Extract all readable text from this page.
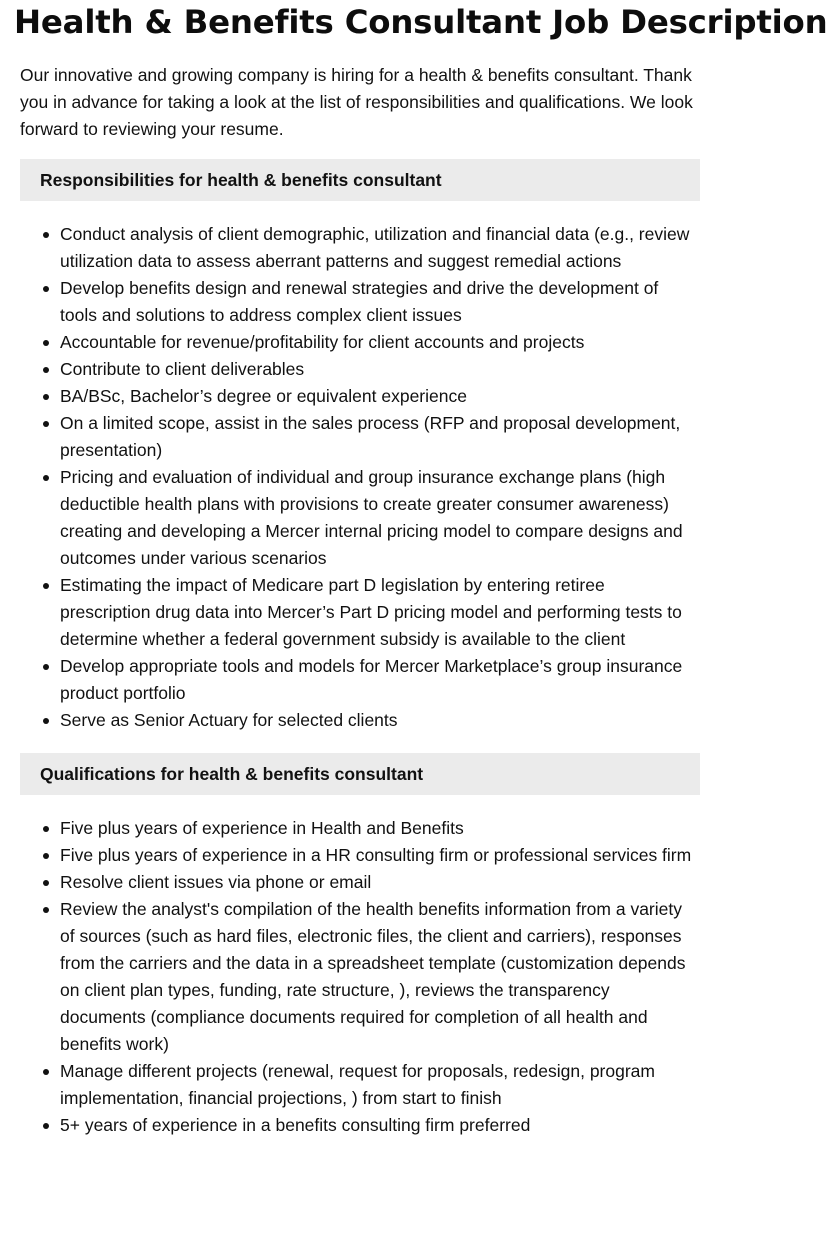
Health & Benefits Consultant Job Description

Our innovative and growing company is hiring for a health & benefits consultant. Thank you in advance for taking a look at the list of responsibilities and qualifications. We look forward to reviewing your resume.

Responsibilities for health & benefits consultant
Conduct analysis of client demographic, utilization and financial data (e.g., review utilization data to assess aberrant patterns and suggest remedial actions
Develop benefits design and renewal strategies and drive the development of tools and solutions to address complex client issues
Accountable for revenue/profitability for client accounts and projects
Contribute to client deliverables
BA/BSc, Bachelor’s degree or equivalent experience
On a limited scope, assist in the sales process (RFP and proposal development, presentation)
Pricing and evaluation of individual and group insurance exchange plans (high deductible health plans with provisions to create greater consumer awareness) creating and developing a Mercer internal pricing model to compare designs and outcomes under various scenarios
Estimating the impact of Medicare part D legislation by entering retiree prescription drug data into Mercer’s Part D pricing model and performing tests to determine whether a federal government subsidy is available to the client
Develop appropriate tools and models for Mercer Marketplace’s group insurance product portfolio
Serve as Senior Actuary for selected clients
Qualifications for health & benefits consultant
Five plus years of experience in Health and Benefits
Five plus years of experience in a HR consulting firm or professional services firm
Resolve client issues via phone or email
Review the analyst's compilation of the health benefits information from a variety of sources (such as hard files, electronic files, the client and carriers), responses from the carriers and the data in a spreadsheet template (customization depends on client plan types, funding, rate structure, ), reviews the transparency documents (compliance documents required for completion of all health and benefits work)
Manage different projects (renewal, request for proposals, redesign, program implementation, financial projections, ) from start to finish
5+ years of experience in a benefits consulting firm preferred
